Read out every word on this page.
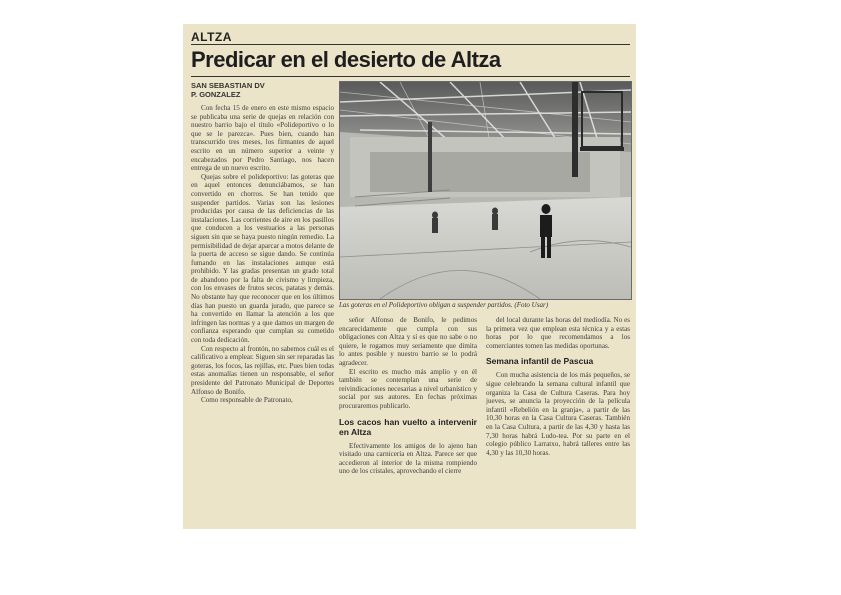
ALTZA
Predicar en el desierto de Altza
SAN SEBASTIAN DV
P. GONZALEZ

Con fecha 15 de enero en este mismo espacio se publicaba una serie de quejas en relación con nuestro barrio bajo el título «Polideportivo o lo que se le parezca». Pues bien, cuando han transcurrido tres meses, los firmantes de aquel escrito en un número superior a veinte y encabezados por Pedro Santiago, nos hacen entrega de un nuevo escrito.

Quejas sobre el polideportivo: las goteras que en aquel entonces denunciábamos, se han convertido en chorros. Se han tenido que suspender partidos. Varias son las lesiones producidas por causa de las deficiencias de las instalaciones. Las corrientes de aire en los pasillos que conducen a los vestuarios a las personas siguen sin que se haya puesto ningún remedio. La permisibilidad de dejar aparcar a motos delante de la puerta de acceso se sigue dando. Se continúa fumando en las instalaciones aunque está prohibido. Y las gradas presentan un grado total de abandono por la falta de civismo y limpieza, con los envases de frutos secos, patatas y demás. No obstante hay que reconocer que en los últimos días han puesto un guarda jurado, que parece se ha convertido en llamar la atención a los que infringen las normas y a que damos un margen de confianza esperando que cumplan su cometido con toda dedicación.

Con respecto al frontón, no sabemos cuál es el calificativo a emplear. Siguen sin ser reparadas las goteras, los focos, las rejillas, etc. Pues bien todas estas anomalías tienen un responsable, el señor presidente del Patronato Municipal de Deportes Alfonso de Bonifo.

Como responsable de Patronato,

Las goteras en el Polideportivo obligan a suspender partidos. (Foto Usar)

señor Alfonso de Bonifo, le pedimos encarecidamente que cumpla con sus obligaciones con Altza y sí es que no sabe o no quiere, le rogamos muy seriamente que dimita lo antes posible y nuestro barrio se lo podrá agradecer.

El escrito es mucho más amplio y en él también se contemplan una serie de reivindicaciones necesarias a nivel urbanístico y social por sus autores. En fechas próximas procuraremos publicarlo.

Los cacos han vuelto a intervenir en Altza

Efectivamente los amigos de lo ajeno han visitado una carnicería en Altza. Parece ser que accedieron al interior de la misma rompiendo uno de los cristales, aprovechando el cierre

del local durante las horas del mediodía. No es la primera vez que emplean esta técnica y a estas horas por lo que recomendamos a los comerciantes tomen las medidas oportunas.

Semana infantil de Pascua

Con mucha asistencia de los más pequeños, se sigue celebrando la semana cultural infantil que organiza la Casa de Cultura Caseras. Para hoy jueves, se anuncia la proyección de la película infantil «Rebelión en la granja», a partir de las 10,30 horas en la Casa Cultura Caseras. También en la Casa Cultura, a partir de las 4,30 y hasta las 7,30 horas habrá Ludo-tea. Por su parte en el colegio público Larratxo, habrá talleres entre las 4,30 y las 10,30 horas.
